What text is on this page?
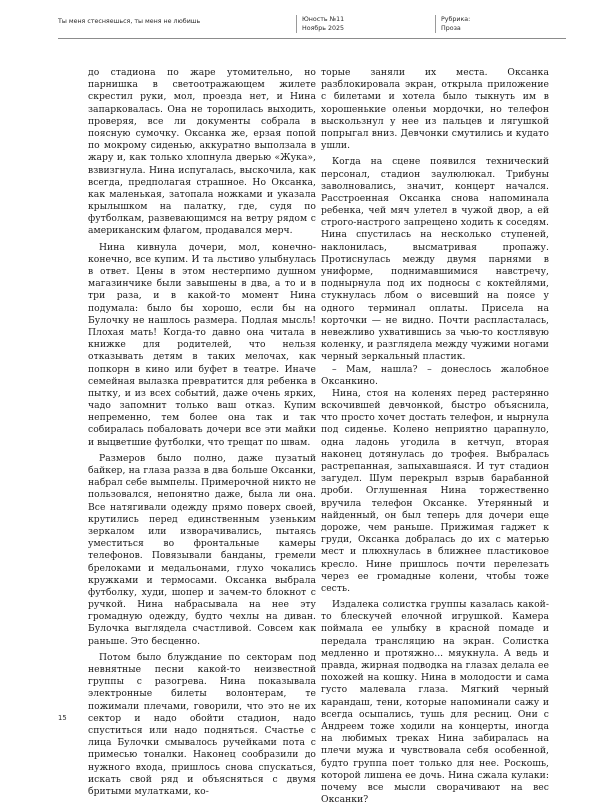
Ты меня стесняешься, ты меня не любишь	Юность №11
Ноябрь 2025
Рубрика:
Проза

до стадиона по жаре утомительно, но парнишка в светоотражающем жилете скрестил руки, мол, проезда нет, и Нина запарковалась. Она не торопилась выходить, проверяя, все ли документы собрала в поясную сумочку. Оксанка же, ерзая попой по мокрому сиденью, аккуратно выползала в жару и, как только хлопнула дверью «Жука», взвизгнула. Нина испугалась, выскочила, как всегда, предполагая страшное. Но Оксанка, как маленькая, затопала ножками и указала крылышком на палатку, где, судя по футболкам, развевающимся на ветру рядом с американским флагом, продавался мерч.

Нина кивнула дочери, мол, конечно-конечно, все купим. И та льстиво улыбнулась в ответ. Цены в этом нестерпимо душном магазинчике были завышены в два, а то и в три раза, и в какой-то момент Нина подумала: было бы хорошо, если бы на Булочку не нашлось размера. Подлая мысль! Плохая мать! Когда-то давно она читала в книжке для родителей, что нельзя отказывать детям в таких мелочах, как попкорн в кино или буфет в театре. Иначе семейная вылазка превратится для ребенка в пытку, и из всех событий, даже очень ярких, чадо запомнит только ваш отказ. Купим непременно, тем более она так и так собиралась побаловать дочери все эти майки и выцветшие футболки, что трещат по швам.

Размеров было полно, даже пузатый байкер, на глаза разза в два больше Оксанки, набрал себе вымпелы. Примерочной никто не пользовался, непонятно даже, была ли она. Все натягивали одежду прямо поверх своей, крутились перед единственным узеньким зеркалом или изворачивались, пытаясь уместиться во фронтальные камеры телефонов. Повязывали банданы, гремели брелоками и медальонами, глухо чокались кружками и термосами. Оксанка выбрала футболку, худи, шопер и зачем-то блокнот с ручкой. Нина набрасывала на нее эту громадную одежду, будто чехлы на диван. Булочка выглядела счастливой. Совсем как раньше. Это бесценно.

Потом было блуждание по секторам под невнятные песни какой-то неизвестной группы с разогрева. Нина показывала электронные билеты волонтерам, те пожимали плечами, говорили, что это не их сектор и надо обойти стадион, надо спуститься или надо подняться. Счастье с лица Булочки смывалось ручейками пота с примесью тоналки. Наконец сообразили до нужного входа, пришлось снова спускаться, искать свой ряд и объясняться с двумя бритыми мулатками, ко-

торые заняли их места. Оксанка разблокировала экран, открыла приложение с билетами и хотела было тыкнуть им в хорошенькие оленьи мордочки, но телефон выскользнул у нее из пальцев и лягушкой попрыгал вниз. Девчонки смутились и кудато ушли.

Когда на сцене появился технический персонал, стадион заулюлюкал. Трибуны заволновались, значит, концерт начался. Расстроенная Оксанка снова напоминала ребенка, чей мяч улетел в чужой двор, а ей строго-настрого запрещено ходить к соседям. Нина спустилась на несколько ступеней, наклонилась, высматривая пропажу. Протиснулась между двумя парнями в униформе, поднимавшимися навстречу, поднырнула под их подносы с коктейлями, стукнулась лбом о висевший на поясе у одного терминал оплаты. Присела на корточки — не видно. Почти распласталась, невежливо ухватившись за чью-то костлявую коленку, и разглядела между чужими ногами черный зеркальный пластик.

– Мам, нашла? – донеслось жалобное Оксанкино.

Нина, стоя на коленях перед растерянно вскочившей девчонкой, быстро объяснила, что просто хочет достать телефон, и нырнула под сиденье. Колено неприятно царапнуло, одна ладонь угодила в кетчуп, вторая наконец дотянулась до трофея. Выбралась растрепанная, запыхавшаяся. И тут стадион загудел. Шум перекрыл взрыв барабанной дроби. Оглушенная Нина торжественно вручила телефон Оксанке. Утерянный и найденный, он был теперь для дочери еще дороже, чем раньше. Прижимая гаджет к груди, Оксанка добралась до их с матерью мест и плюхнулась в ближнее пластиковое кресло. Нине пришлось почти перелезать через ее громадные колени, чтобы тоже сесть.

Издалека солистка группы казалась какой-то блескучей елочной игрушкой. Камера поймала ее улыбку в красной помаде и передала трансляцию на экран. Солистка медленно и протяжно... мяукнула. А ведь и правда, жирная подводка на глазах делала ее похожей на кошку. Нина в молодости и сама густо малевала глаза. Мягкий черный карандаш, тени, которые напоминали сажу и всегда осыпались, тушь для ресниц. Они с Андреем тоже ходили на концерты, иногда на любимых треках Нина забиралась на плечи мужа и чувствовала себя особенной, будто группа поет только для нее. Роскошь, которой лишена ее дочь. Нина сжала кулаки: почему все мысли сворачивают на вес Оксанки?

15
